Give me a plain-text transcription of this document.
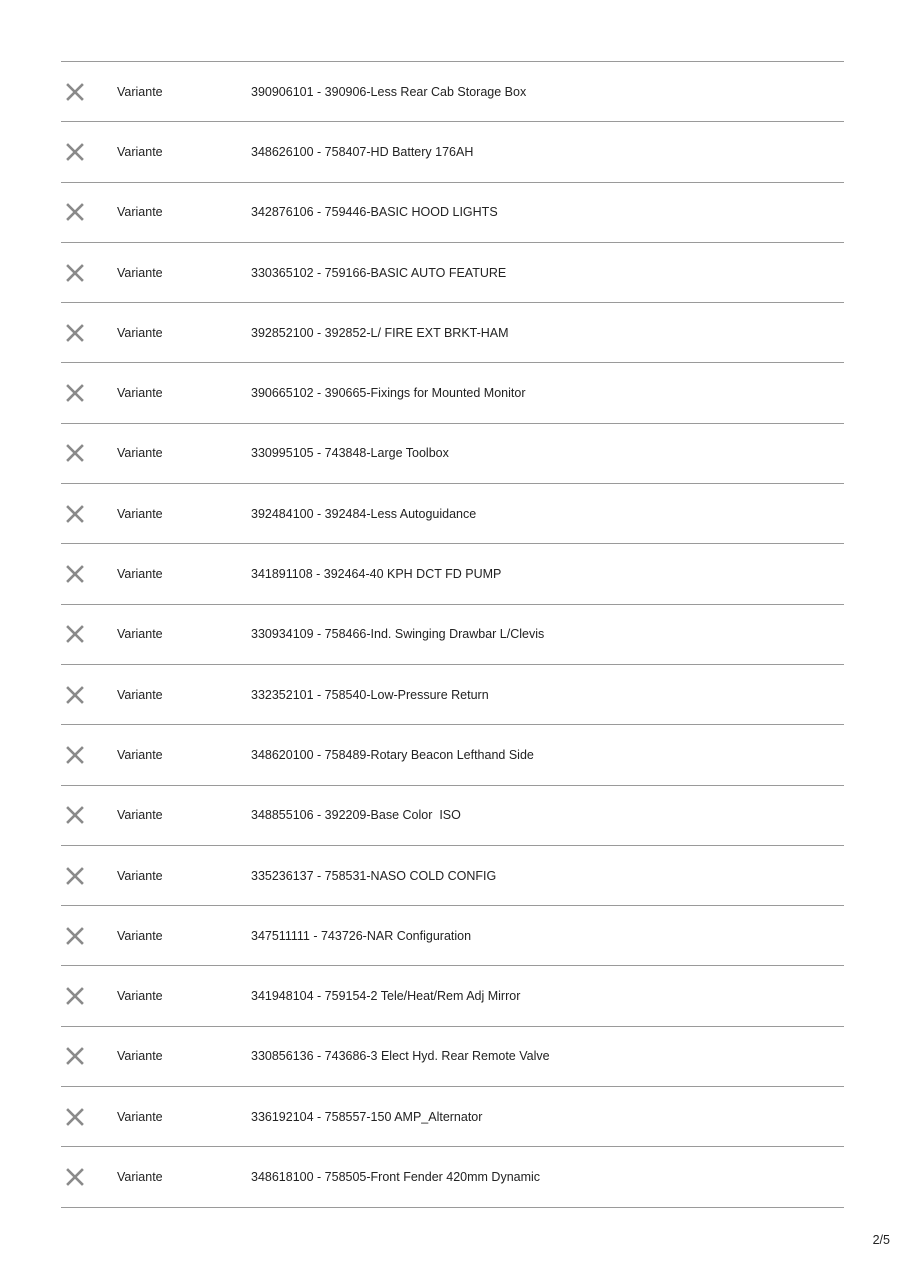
Variante	390906101 - 390906-Less Rear Cab Storage Box
Variante	348626100 - 758407-HD Battery 176AH
Variante	342876106 - 759446-BASIC HOOD LIGHTS
Variante	330365102 - 759166-BASIC AUTO FEATURE
Variante	392852100 - 392852-L/ FIRE EXT BRKT-HAM
Variante	390665102 - 390665-Fixings for Mounted Monitor
Variante	330995105 - 743848-Large Toolbox
Variante	392484100 - 392484-Less Autoguidance
Variante	341891108 - 392464-40 KPH DCT FD PUMP
Variante	330934109 - 758466-Ind. Swinging Drawbar L/Clevis
Variante	332352101 - 758540-Low-Pressure Return
Variante	348620100 - 758489-Rotary Beacon Lefthand Side
Variante	348855106 - 392209-Base Color  ISO
Variante	335236137 - 758531-NASO COLD CONFIG
Variante	347511111 - 743726-NAR Configuration
Variante	341948104 - 759154-2 Tele/Heat/Rem Adj Mirror
Variante	330856136 - 743686-3 Elect Hyd. Rear Remote Valve
Variante	336192104 - 758557-150 AMP_Alternator
Variante	348618100 - 758505-Front Fender 420mm Dynamic
2/5
